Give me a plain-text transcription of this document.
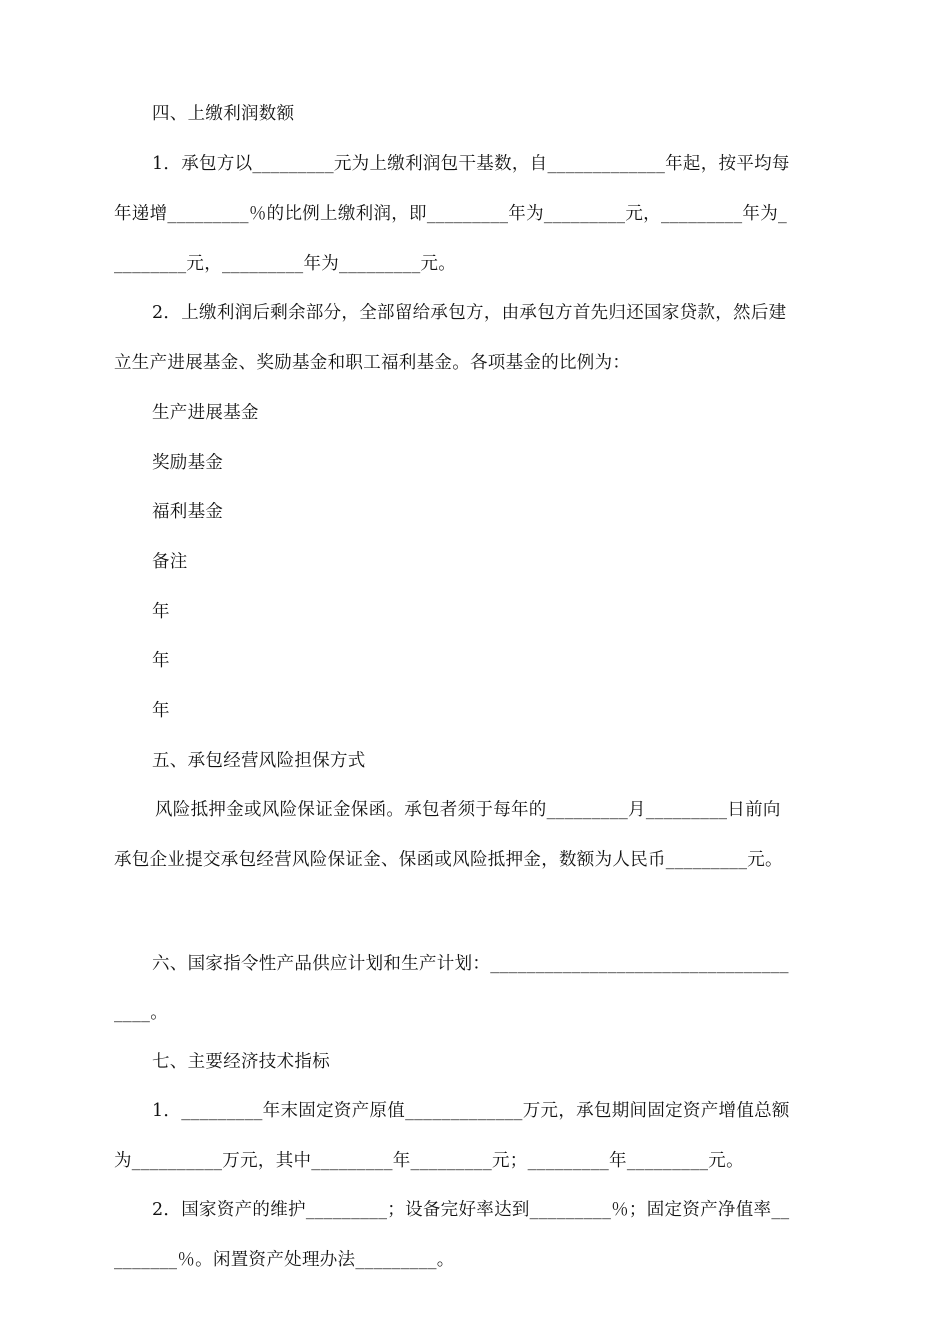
四、上缴利润数额
1．承包方以_________元为上缴利润包干基数，自_____________年起，按平均每
年递增_________％的比例上缴利润，即_________年为_________元，_________年为_
________元，_________年为_________元。
2．上缴利润后剩余部分，全部留给承包方，由承包方首先归还国家贷款，然后建
立生产进展基金、奖励基金和职工福利基金。各项基金的比例为：
生产进展基金
奖励基金
福利基金
备注
年
年
年
五、承包经营风险担保方式
风险抵押金或风险保证金保函。承包者须于每年的_________月_________日前向
承包企业提交承包经营风险保证金、保函或风险抵押金，数额为人民币_________元。
六、国家指令性产品供应计划和生产计划：_________________________________
____。
七、主要经济技术指标
1．_________年末固定资产原值_____________万元，承包期间固定资产增值总额
为__________万元，其中_________年_________元；_________年_________元。
2．国家资产的维护_________；设备完好率达到_________％；固定资产净值率__
_______％。闲置资产处理办法_________。
